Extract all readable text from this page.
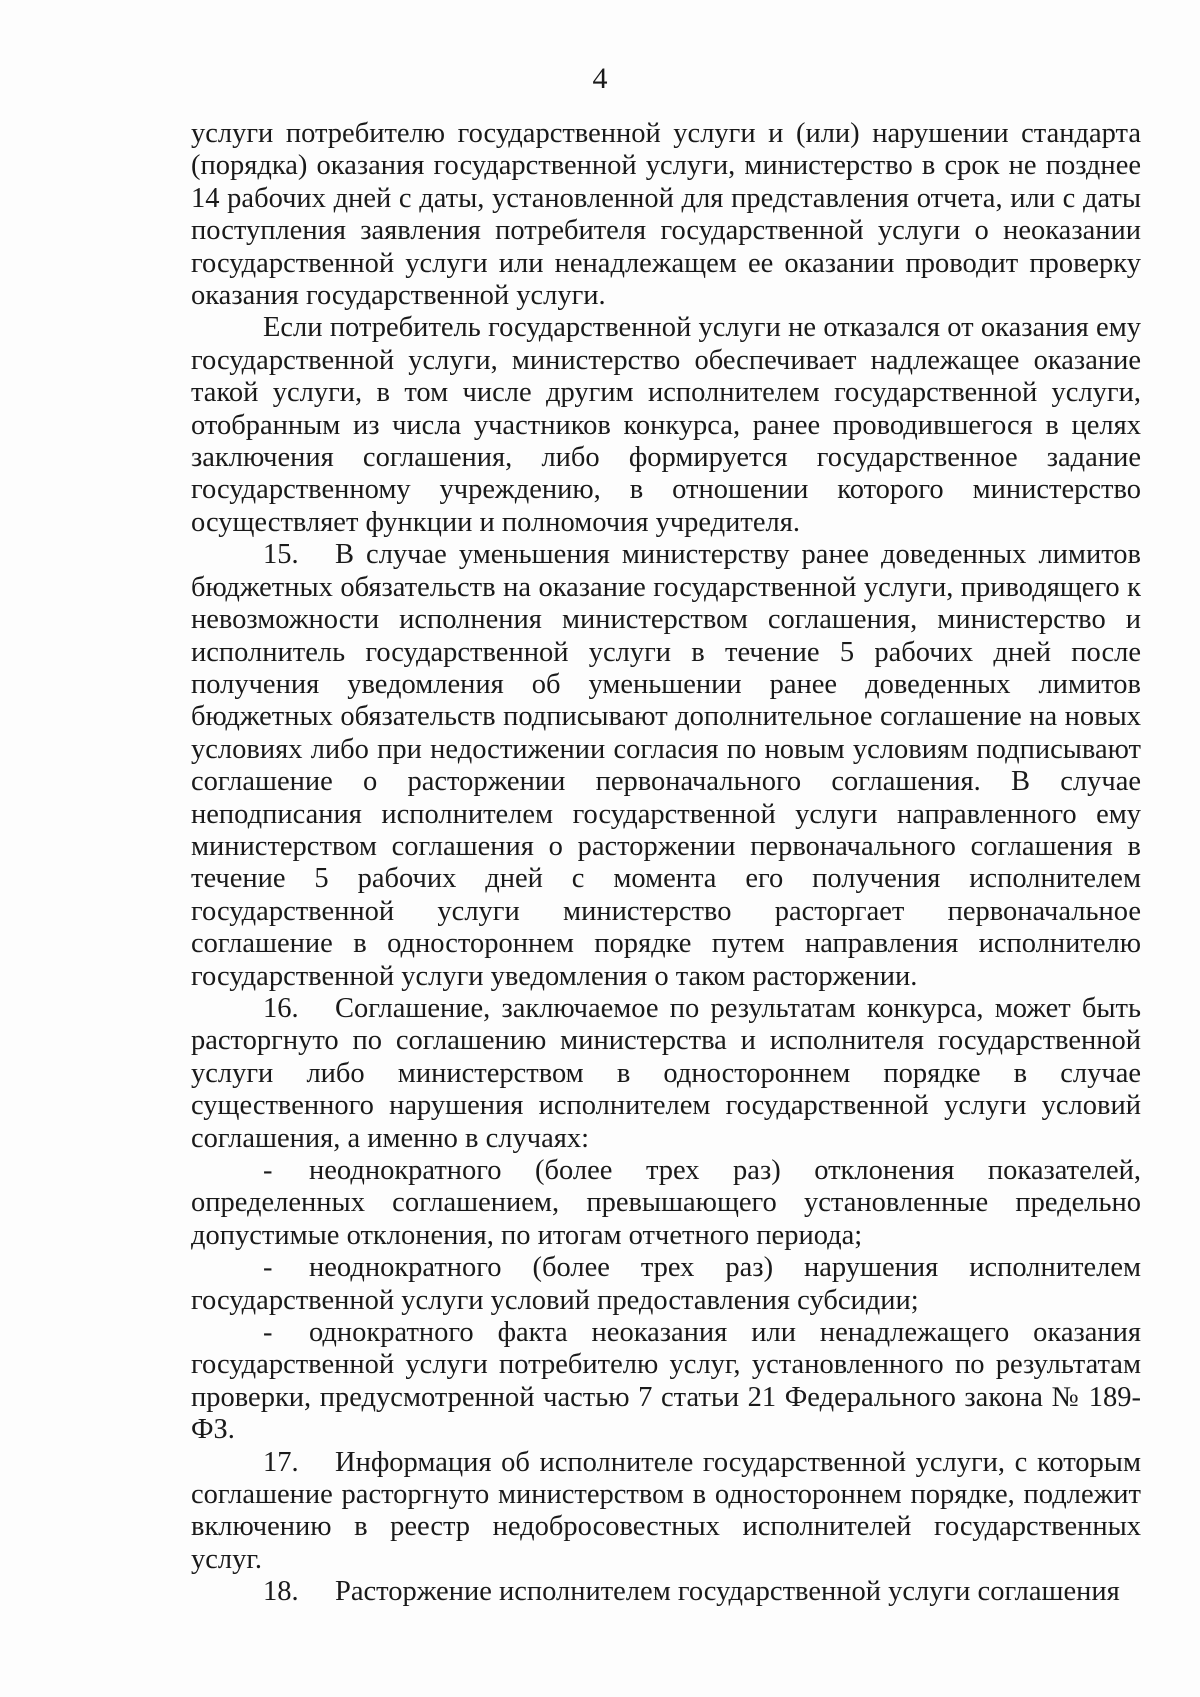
4

услуги потребителю государственной услуги и (или) нарушении стандарта (порядка) оказания государственной услуги, министерство в срок не позднее 14 рабочих дней с даты, установленной для представления отчета, или с даты поступления заявления потребителя государственной услуги о неоказании государственной услуги или ненадлежащем ее оказании проводит проверку оказания государственной услуги.

Если потребитель государственной услуги не отказался от оказания ему государственной услуги, министерство обеспечивает надлежащее оказание такой услуги, в том числе другим исполнителем государственной услуги, отобранным из числа участников конкурса, ранее проводившегося в целях заключения соглашения, либо формируется государственное задание государственному учреждению, в отношении которого министерство осуществляет функции и полномочия учредителя.

15. В случае уменьшения министерству ранее доведенных лимитов бюджетных обязательств на оказание государственной услуги, приводящего к невозможности исполнения министерством соглашения, министерство и исполнитель государственной услуги в течение 5 рабочих дней после получения уведомления об уменьшении ранее доведенных лимитов бюджетных обязательств подписывают дополнительное соглашение на новых условиях либо при недостижении согласия по новым условиям подписывают соглашение о расторжении первоначального соглашения. В случае неподписания исполнителем государственной услуги направленного ему министерством соглашения о расторжении первоначального соглашения в течение 5 рабочих дней с момента его получения исполнителем государственной услуги министерство расторгает первоначальное соглашение в одностороннем порядке путем направления исполнителю государственной услуги уведомления о таком расторжении.

16. Соглашение, заключаемое по результатам конкурса, может быть расторгнуто по соглашению министерства и исполнителя государственной услуги либо министерством в одностороннем порядке в случае существенного нарушения исполнителем государственной услуги условий соглашения, а именно в случаях:

- неоднократного (более трех раз) отклонения показателей, определенных соглашением, превышающего установленные предельно допустимые отклонения, по итогам отчетного периода;

- неоднократного (более трех раз) нарушения исполнителем государственной услуги условий предоставления субсидии;

- однократного факта неоказания или ненадлежащего оказания государственной услуги потребителю услуг, установленного по результатам проверки, предусмотренной частью 7 статьи 21 Федерального закона № 189-ФЗ.

17. Информация об исполнителе государственной услуги, с которым соглашение расторгнуто министерством в одностороннем порядке, подлежит включению в реестр недобросовестных исполнителей государственных услуг.

18. Расторжение исполнителем государственной услуги соглашения
